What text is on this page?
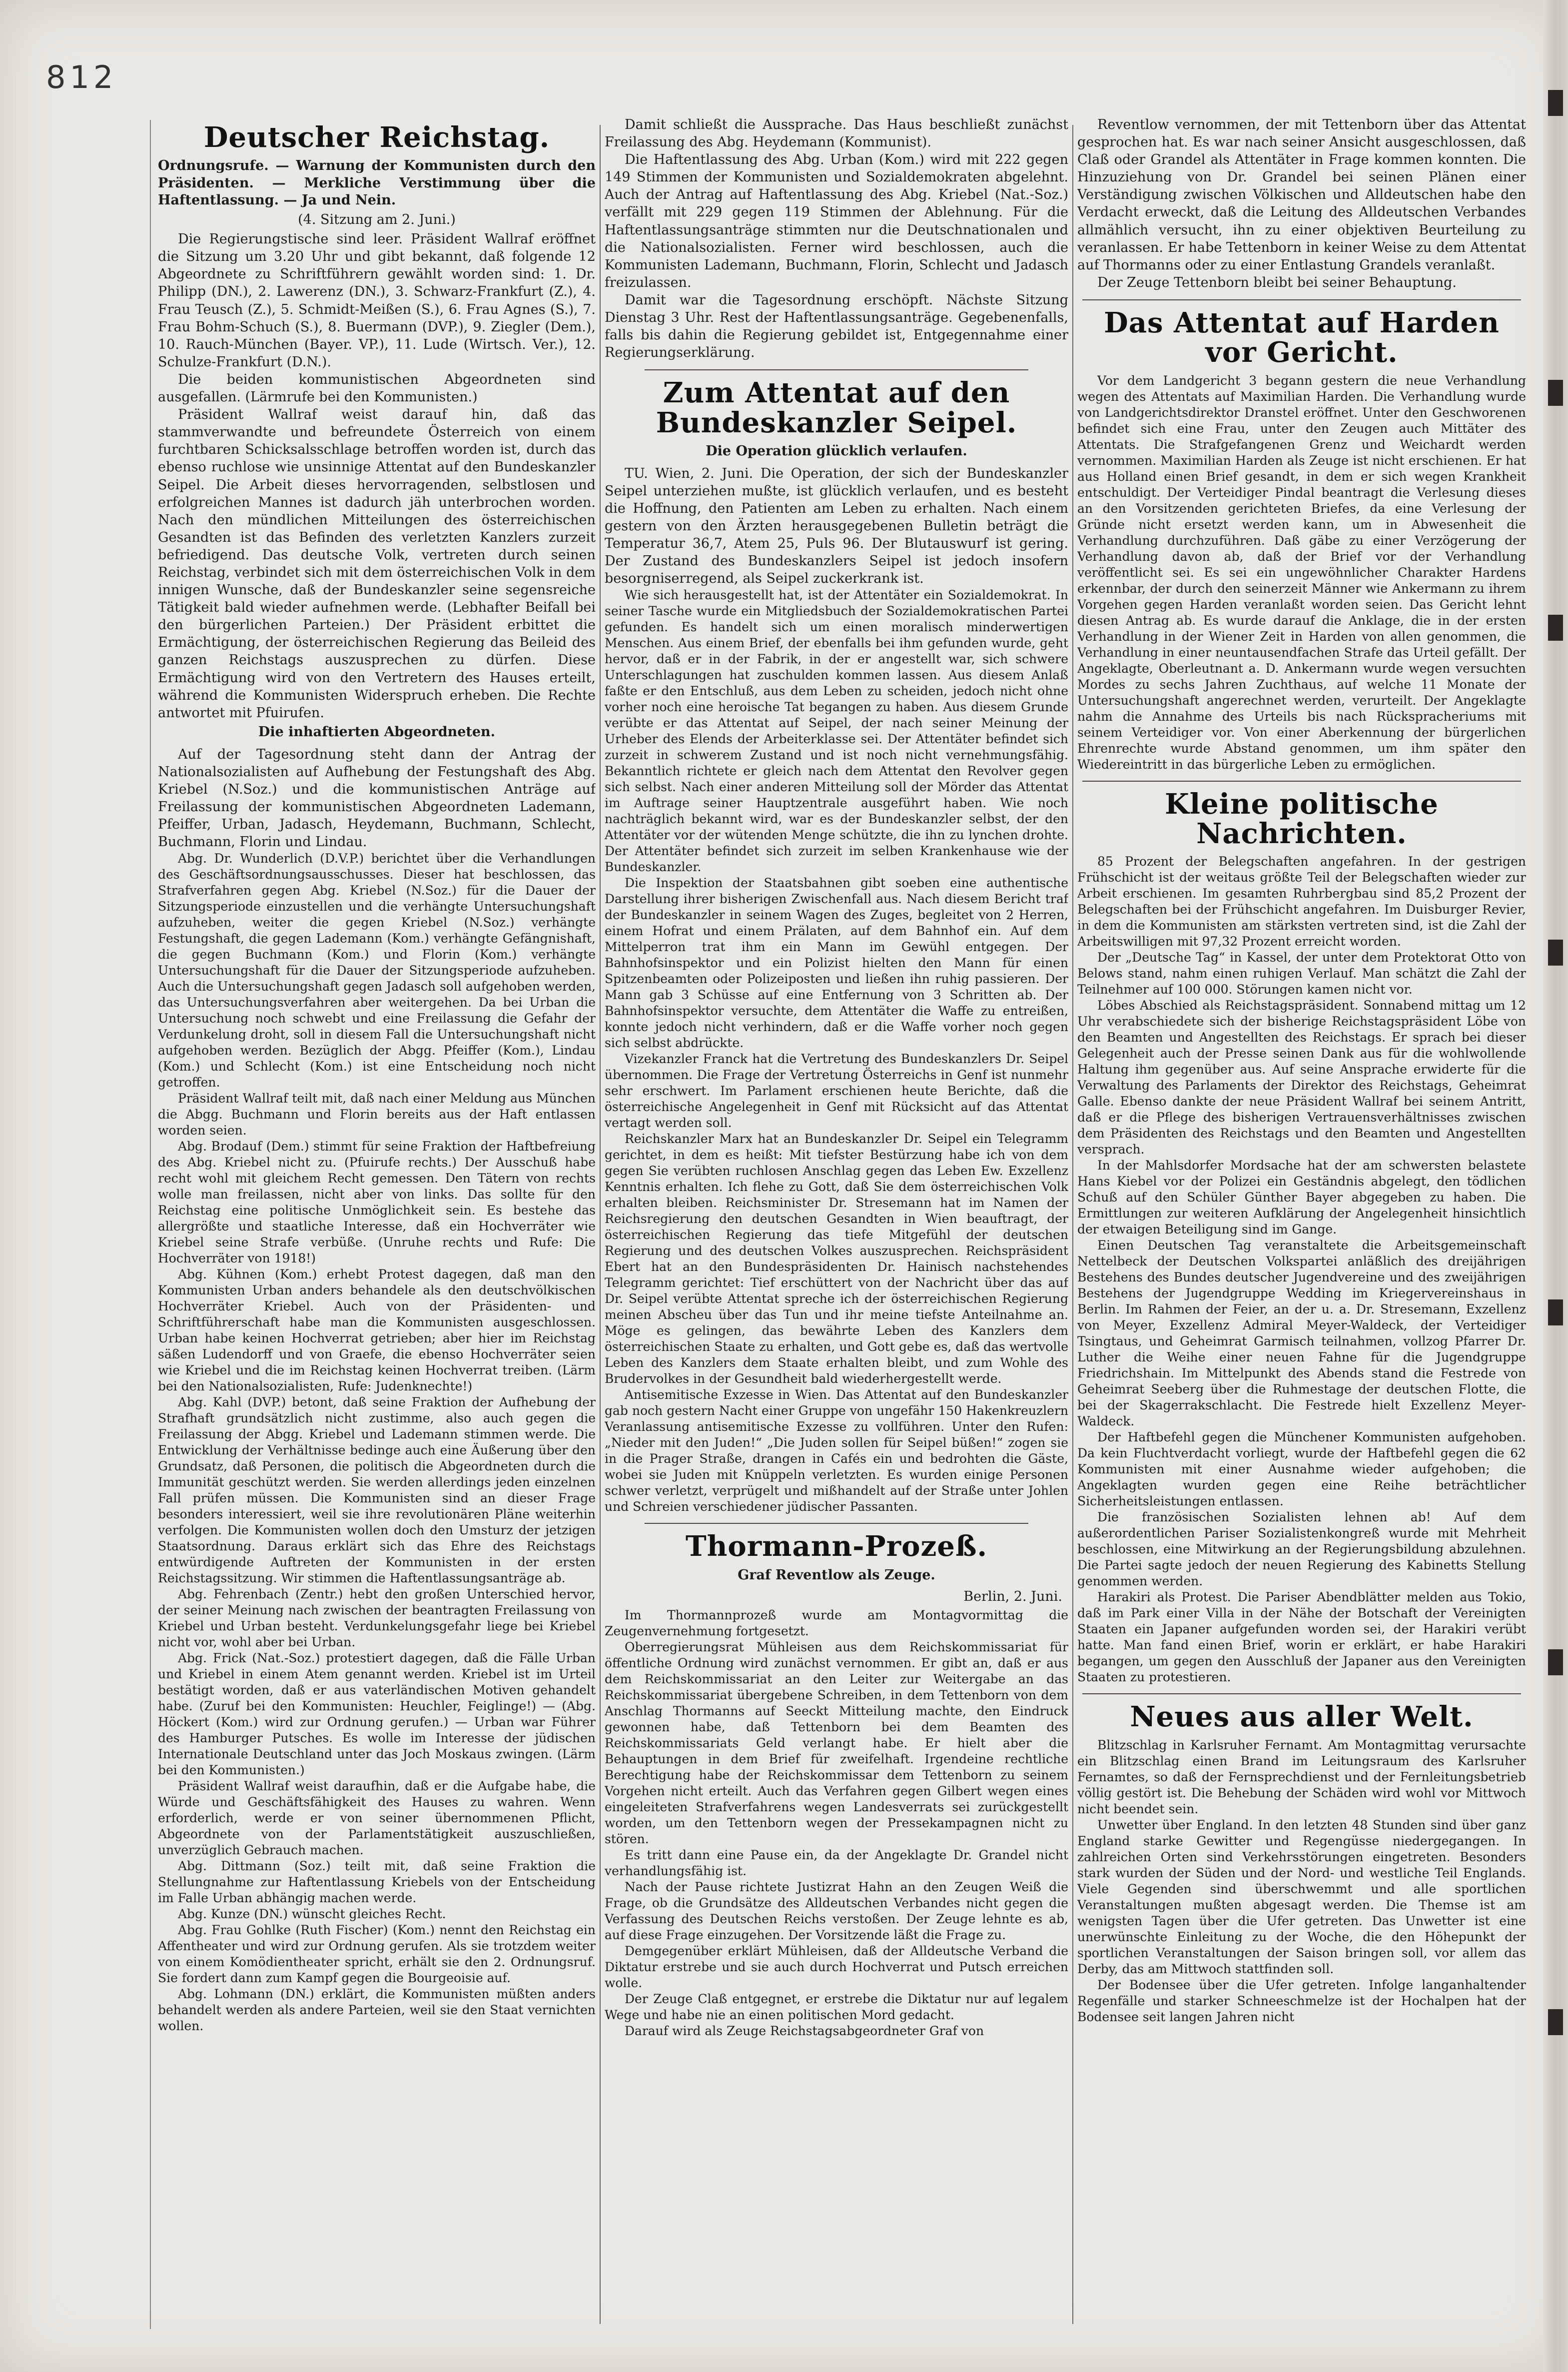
812
Deutscher Reichstag.
Ordnungsrufe. — Warnung der Kommunisten durch den Präsidenten. — Merkliche Verstimmung über die Haftentlassung. — Ja und Nein.
(4. Sitzung am 2. Juni.)

Die Regierungstische sind leer. Präsident Wallraf eröffnet die Sitzung um 3.20 Uhr und gibt bekannt, daß folgende 12 Abgeordnete zu Schriftführern gewählt worden sind: 1. Dr. Philipp (DN.), 2. Lawerenz (DN.), 3. Schwarz-Frankfurt (Z.), 4. Frau Teusch (Z.), 5. Schmidt-Meißen (S.), 6. Frau Agnes (S.), 7. Frau Bohm-Schuch (S.), 8. Buermann (DVP.), 9. Ziegler (Dem.), 10. Rauch-München (Bayer. VP.), 11. Lude (Wirtsch. Ver.), 12. Schulze-Frankfurt (D.N.).

Die beiden kommunistischen Abgeordneten sind ausgefallen. (Lärmrufe bei den Kommunisten.)

Präsident Wallraf weist darauf hin, daß das stammverwandte und befreundete Österreich von einem furchtbaren Schicksalsschlage betroffen worden ist, durch das ebenso ruchlose wie unsinnige Attentat auf den Bundeskanzler Seipel. Die Arbeit dieses hervorragenden, selbstlosen und erfolgreichen Mannes ist dadurch jäh unterbrochen worden. Nach den mündlichen Mitteilungen des österreichischen Gesandten ist das Befinden des verletzten Kanzlers zurzeit befriedigend. Das deutsche Volk, vertreten durch seinen Reichstag, verbindet sich mit dem österreichischen Volk in dem innigen Wunsche, daß der Bundeskanzler seine segensreiche Tätigkeit bald wieder aufnehmen werde. (Lebhafter Beifall bei den bürgerlichen Parteien.) Der Präsident erbittet die Ermächtigung, der österreichischen Regierung das Beileid des ganzen Reichstags auszusprechen zu dürfen. Diese Ermächtigung wird von den Vertretern des Hauses erteilt, während die Kommunisten Widerspruch erheben. Die Rechte antwortet mit Pfuirufen.

Die inhaftierten Abgeordneten.

Auf der Tagesordnung steht dann der Antrag der Nationalsozialisten auf Aufhebung der Festungshaft des Abg. Kriebel (N.Soz.) und die kommunistischen Anträge auf Freilassung der kommunistischen Abgeordneten Lademann, Pfeiffer, Urban, Jadasch, Heydemann, Buchmann, Schlecht, Buchmann, Florin und Lindau.

Abg. Dr. Wunderlich (D.V.P.) berichtet über die Verhandlungen des Geschäftsordnungsausschusses. Dieser hat beschlossen, das Strafverfahren gegen Abg. Kriebel (N.Soz.) für die Dauer der Sitzungsperiode einzustellen und die verhängte Untersuchungshaft aufzuheben, weiter die gegen Kriebel (N.Soz.) verhängte Festungshaft, die gegen Lademann (Kom.) verhängte Gefängnishaft, die gegen Buchmann (Kom.) und Florin (Kom.) verhängte Untersuchungshaft für die Dauer der Sitzungsperiode aufzuheben. Auch die Untersuchungshaft gegen Jadasch soll aufgehoben werden, das Untersuchungsverfahren aber weitergehen. Da bei Urban die Untersuchung noch schwebt und eine Freilassung die Gefahr der Verdunkelung droht, soll in diesem Fall die Untersuchungshaft nicht aufgehoben werden. Bezüglich der Abgg. Pfeiffer (Kom.), Lindau (Kom.) und Schlecht (Kom.) ist eine Entscheidung noch nicht getroffen.

Präsident Wallraf teilt mit, daß nach einer Meldung aus München die Abgg. Buchmann und Florin bereits aus der Haft entlassen worden seien.

Abg. Brodauf (Dem.) stimmt für seine Fraktion der Haftbefreiung des Abg. Kriebel nicht zu. (Pfuirufe rechts.) Der Ausschuß habe recht wohl mit gleichem Recht gemessen. Den Tätern von rechts wolle man freilassen, nicht aber von links. Das sollte für den Reichstag eine politische Unmöglichkeit sein. Es bestehe das allergrößte und staatliche Interesse, daß ein Hochverräter wie Kriebel seine Strafe verbüße. (Unruhe rechts und Rufe: Die Hochverräter von 1918!)

Abg. Kühnen (Kom.) erhebt Protest dagegen, daß man den Kommunisten Urban anders behandele als den deutschvölkischen Hochverräter Kriebel. Auch von der Präsidenten- und Schriftführerschaft habe man die Kommunisten ausgeschlossen. Urban habe keinen Hochverrat getrieben; aber hier im Reichstag säßen Ludendorff und von Graefe, die ebenso Hochverräter seien wie Kriebel und die im Reichstag keinen Hochverrat treiben. (Lärm bei den Nationalsozialisten, Rufe: Judenknechte!)

Abg. Kahl (DVP.) betont, daß seine Fraktion der Aufhebung der Strafhaft grundsätzlich nicht zustimme, also auch gegen die Freilassung der Abgg. Kriebel und Lademann stimmen werde. Die Entwicklung der Verhältnisse bedinge auch eine Äußerung über den Grundsatz, daß Personen, die politisch die Abgeordneten durch die Immunität geschützt werden. Sie werden allerdings jeden einzelnen Fall prüfen müssen. Die Kommunisten sind an dieser Frage besonders interessiert, weil sie ihre revolutionären Pläne weiterhin verfolgen. Die Kommunisten wollen doch den Umsturz der jetzigen Staatsordnung. Daraus erklärt sich das Ehre des Reichstags entwürdigende Auftreten der Kommunisten in der ersten Reichstagssitzung. Wir stimmen die Haftentlassungsanträge ab.

Abg. Fehrenbach (Zentr.) hebt den großen Unterschied hervor, der seiner Meinung nach zwischen der beantragten Freilassung von Kriebel und Urban besteht. Verdunkelungsgefahr liege bei Kriebel nicht vor, wohl aber bei Urban.

Abg. Frick (Nat.-Soz.) protestiert dagegen, daß die Fälle Urban und Kriebel in einem Atem genannt werden. Kriebel ist im Urteil bestätigt worden, daß er aus vaterländischen Motiven gehandelt habe. (Zuruf bei den Kommunisten: Heuchler, Feiglinge!) — (Abg. Höckert (Kom.) wird zur Ordnung gerufen.) — Urban war Führer des Hamburger Putsches. Es wolle im Interesse der jüdischen Internationale Deutschland unter das Joch Moskaus zwingen. (Lärm bei den Kommunisten.)

Präsident Wallraf weist daraufhin, daß er die Aufgabe habe, die Würde und Geschäftsfähigkeit des Hauses zu wahren. Wenn erforderlich, werde er von seiner übernommenen Pflicht, Abgeordnete von der Parlamentstätigkeit auszuschließen, unverzüglich Gebrauch machen.

Abg. Dittmann (Soz.) teilt mit, daß seine Fraktion die Stellungnahme zur Haftentlassung Kriebels von der Entscheidung im Falle Urban abhängig machen werde.

Abg. Kunze (DN.) wünscht gleiches Recht.

Abg. Frau Gohlke (Ruth Fischer) (Kom.) nennt den Reichstag ein Affentheater und wird zur Ordnung gerufen. Als sie trotzdem weiter von einem Komödientheater spricht, erhält sie den 2. Ordnungsruf. Sie fordert dann zum Kampf gegen die Bourgeoisie auf.

Abg. Lohmann (DN.) erklärt, die Kommunisten müßten anders behandelt werden als andere Parteien, weil sie den Staat vernichten wollen.

Damit schließt die Aussprache. Das Haus beschließt zunächst Freilassung des Abg. Heydemann (Kommunist).

Die Haftentlassung des Abg. Urban (Kom.) wird mit 222 gegen 149 Stimmen der Kommunisten und Sozialdemokraten abgelehnt. Auch der Antrag auf Haftentlassung des Abg. Kriebel (Nat.-Soz.) verfällt mit 229 gegen 119 Stimmen der Ablehnung. Für die Haftentlassungsanträge stimmten nur die Deutschnationalen und die Nationalsozialisten. Ferner wird beschlossen, auch die Kommunisten Lademann, Buchmann, Florin, Schlecht und Jadasch freizulassen.

Damit war die Tagesordnung erschöpft. Nächste Sitzung Dienstag 3 Uhr. Rest der Haftentlassungsanträge. Gegebenenfalls, falls bis dahin die Regierung gebildet ist, Entgegennahme einer Regierungserklärung.

Zum Attentat auf den Bundeskanzler Seipel.
Die Operation glücklich verlaufen.

TU. Wien, 2. Juni. Die Operation, der sich der Bundeskanzler Seipel unterziehen mußte, ist glücklich verlaufen, und es besteht die Hoffnung, den Patienten am Leben zu erhalten. Nach einem gestern von den Ärzten herausgegebenen Bulletin beträgt die Temperatur 36,7, Atem 25, Puls 96. Der Blutauswurf ist gering. Der Zustand des Bundeskanzlers Seipel ist jedoch insofern besorgniserregend, als Seipel zuckerkrank ist.

Wie sich herausgestellt hat, ist der Attentäter ein Sozialdemokrat. In seiner Tasche wurde ein Mitgliedsbuch der Sozialdemokratischen Partei gefunden. Es handelt sich um einen moralisch minderwertigen Menschen. Aus einem Brief, der ebenfalls bei ihm gefunden wurde, geht hervor, daß er in der Fabrik, in der er angestellt war, sich schwere Unterschlagungen hat zuschulden kommen lassen. Aus diesem Anlaß faßte er den Entschluß, aus dem Leben zu scheiden, jedoch nicht ohne vorher noch eine heroische Tat begangen zu haben. Aus diesem Grunde verübte er das Attentat auf Seipel, der nach seiner Meinung der Urheber des Elends der Arbeiterklasse sei. Der Attentäter befindet sich zurzeit in schwerem Zustand und ist noch nicht vernehmungsfähig. Bekanntlich richtete er gleich nach dem Attentat den Revolver gegen sich selbst. Nach einer anderen Mitteilung soll der Mörder das Attentat im Auftrage seiner Hauptzentrale ausgeführt haben. Wie noch nachträglich bekannt wird, war es der Bundeskanzler selbst, der den Attentäter vor der wütenden Menge schützte, die ihn zu lynchen drohte. Der Attentäter befindet sich zurzeit im selben Krankenhause wie der Bundeskanzler.

Die Inspektion der Staatsbahnen gibt soeben eine authentische Darstellung ihrer bisherigen Zwischenfall aus. Nach diesem Bericht traf der Bundeskanzler in seinem Wagen des Zuges, begleitet von 2 Herren, einem Hofrat und einem Prälaten, auf dem Bahnhof ein. Auf dem Mittelperron trat ihm ein Mann im Gewühl entgegen. Der Bahnhofsinspektor und ein Polizist hielten den Mann für einen Spitzenbeamten oder Polizeiposten und ließen ihn ruhig passieren. Der Mann gab 3 Schüsse auf eine Entfernung von 3 Schritten ab. Der Bahnhofsinspektor versuchte, dem Attentäter die Waffe zu entreißen, konnte jedoch nicht verhindern, daß er die Waffe vorher noch gegen sich selbst abdrückte.

Vizekanzler Franck hat die Vertretung des Bundeskanzlers Dr. Seipel übernommen. Die Frage der Vertretung Österreichs in Genf ist nunmehr sehr erschwert. Im Parlament erschienen heute Berichte, daß die österreichische Angelegenheit in Genf mit Rücksicht auf das Attentat vertagt werden soll.

Reichskanzler Marx hat an Bundeskanzler Dr. Seipel ein Telegramm gerichtet, in dem es heißt: Mit tiefster Bestürzung habe ich von dem gegen Sie verübten ruchlosen Anschlag gegen das Leben Ew. Exzellenz Kenntnis erhalten. Ich flehe zu Gott, daß Sie dem österreichischen Volk erhalten bleiben. Reichsminister Dr. Stresemann hat im Namen der Reichsregierung den deutschen Gesandten in Wien beauftragt, der österreichischen Regierung das tiefe Mitgefühl der deutschen Regierung und des deutschen Volkes auszusprechen. Reichspräsident Ebert hat an den Bundespräsidenten Dr. Hainisch nachstehendes Telegramm gerichtet: Tief erschüttert von der Nachricht über das auf Dr. Seipel verübte Attentat spreche ich der österreichischen Regierung meinen Abscheu über das Tun und ihr meine tiefste Anteilnahme an. Möge es gelingen, das bewährte Leben des Kanzlers dem österreichischen Staate zu erhalten, und Gott gebe es, daß das wertvolle Leben des Kanzlers dem Staate erhalten bleibt, und zum Wohle des Brudervolkes in der Gesundheit bald wiederhergestellt werde.

Antisemitische Exzesse in Wien. Das Attentat auf den Bundeskanzler gab noch gestern Nacht einer Gruppe von ungefähr 150 Hakenkreuzlern Veranlassung antisemitische Exzesse zu vollführen. Unter den Rufen: „Nieder mit den Juden!“ „Die Juden sollen für Seipel büßen!“ zogen sie in die Prager Straße, drangen in Cafés ein und bedrohten die Gäste, wobei sie Juden mit Knüppeln verletzten. Es wurden einige Personen schwer verletzt, verprügelt und mißhandelt auf der Straße unter Johlen und Schreien verschiedener jüdischer Passanten.

Thormann-Prozeß.
Graf Reventlow als Zeuge.
Berlin, 2. Juni.

Im Thormannprozeß wurde am Montagvormittag die Zeugenvernehmung fortgesetzt.

Oberregierungsrat Mühleisen aus dem Reichskommissariat für öffentliche Ordnung wird zunächst vernommen. Er gibt an, daß er aus dem Reichskommissariat an den Leiter zur Weitergabe an das Reichskommissariat übergebene Schreiben, in dem Tettenborn von dem Anschlag Thormanns auf Seeckt Mitteilung machte, den Eindruck gewonnen habe, daß Tettenborn bei dem Beamten des Reichskommissariats Geld verlangt habe. Er hielt aber die Behauptungen in dem Brief für zweifelhaft. Irgendeine rechtliche Berechtigung habe der Reichskommissar dem Tettenborn zu seinem Vorgehen nicht erteilt. Auch das Verfahren gegen Gilbert wegen eines eingeleiteten Strafverfahrens wegen Landesverrats sei zurückgestellt worden, um den Tettenborn wegen der Pressekampagnen nicht zu stören.

Es tritt dann eine Pause ein, da der Angeklagte Dr. Grandel nicht verhandlungsfähig ist.

Nach der Pause richtete Justizrat Hahn an den Zeugen Weiß die Frage, ob die Grundsätze des Alldeutschen Verbandes nicht gegen die Verfassung des Deutschen Reichs verstoßen. Der Zeuge lehnte es ab, auf diese Frage einzugehen. Der Vorsitzende läßt die Frage zu.

Demgegenüber erklärt Mühleisen, daß der Alldeutsche Verband die Diktatur erstrebe und sie auch durch Hochverrat und Putsch erreichen wolle.

Der Zeuge Claß entgegnet, er erstrebe die Diktatur nur auf legalem Wege und habe nie an einen politischen Mord gedacht.

Darauf wird als Zeuge Reichstagsabgeordneter Graf von

Reventlow vernommen, der mit Tettenborn über das Attentat gesprochen hat. Es war nach seiner Ansicht ausgeschlossen, daß Claß oder Grandel als Attentäter in Frage kommen konnten. Die Hinzuziehung von Dr. Grandel bei seinen Plänen einer Verständigung zwischen Völkischen und Alldeutschen habe den Verdacht erweckt, daß die Leitung des Alldeutschen Verbandes allmählich versucht, ihn zu einer objektiven Beurteilung zu veranlassen. Er habe Tettenborn in keiner Weise zu dem Attentat auf Thormanns oder zu einer Entlastung Grandels veranlaßt.

Der Zeuge Tettenborn bleibt bei seiner Behauptung.

Das Attentat auf Harden vor Gericht.

Vor dem Landgericht 3 begann gestern die neue Verhandlung wegen des Attentats auf Maximilian Harden. Die Verhandlung wurde von Landgerichtsdirektor Dranstel eröffnet. Unter den Geschworenen befindet sich eine Frau, unter den Zeugen auch Mittäter des Attentats. Die Strafgefangenen Grenz und Weichardt werden vernommen. Maximilian Harden als Zeuge ist nicht erschienen. Er hat aus Holland einen Brief gesandt, in dem er sich wegen Krankheit entschuldigt. Der Verteidiger Pindal beantragt die Verlesung dieses an den Vorsitzenden gerichteten Briefes, da eine Verlesung der Gründe nicht ersetzt werden kann, um in Abwesenheit die Verhandlung durchzuführen. Daß gäbe zu einer Verzögerung der Verhandlung davon ab, daß der Brief vor der Verhandlung veröffentlicht sei. Es sei ein ungewöhnlicher Charakter Hardens erkennbar, der durch den seinerzeit Männer wie Ankermann zu ihrem Vorgehen gegen Harden veranlaßt worden seien. Das Gericht lehnt diesen Antrag ab. Es wurde darauf die Anklage, die in der ersten Verhandlung in der Wiener Zeit in Harden von allen genommen, die Verhandlung in einer neuntausendfachen Strafe das Urteil gefällt. Der Angeklagte, Oberleutnant a. D. Ankermann wurde wegen versuchten Mordes zu sechs Jahren Zuchthaus, auf welche 11 Monate der Untersuchungshaft angerechnet werden, verurteilt. Der Angeklagte nahm die Annahme des Urteils bis nach Rückspracheriums mit seinem Verteidiger vor. Von einer Aberkennung der bürgerlichen Ehrenrechte wurde Abstand genommen, um ihm später den Wiedereintritt in das bürgerliche Leben zu ermöglichen.

Kleine politische Nachrichten.

85 Prozent der Belegschaften angefahren. In der gestrigen Frühschicht ist der weitaus größte Teil der Belegschaften wieder zur Arbeit erschienen. Im gesamten Ruhrbergbau sind 85,2 Prozent der Belegschaften bei der Frühschicht angefahren. Im Duisburger Revier, in dem die Kommunisten am stärksten vertreten sind, ist die Zahl der Arbeitswilligen mit 97,32 Prozent erreicht worden.

Der „Deutsche Tag“ in Kassel, der unter dem Protektorat Otto von Belows stand, nahm einen ruhigen Verlauf. Man schätzt die Zahl der Teilnehmer auf 100 000. Störungen kamen nicht vor.

Löbes Abschied als Reichstagspräsident. Sonnabend mittag um 12 Uhr verabschiedete sich der bisherige Reichstagspräsident Löbe von den Beamten und Angestellten des Reichstags. Er sprach bei dieser Gelegenheit auch der Presse seinen Dank aus für die wohlwollende Haltung ihm gegenüber aus. Auf seine Ansprache erwiderte für die Verwaltung des Parlaments der Direktor des Reichstags, Geheimrat Galle. Ebenso dankte der neue Präsident Wallraf bei seinem Antritt, daß er die Pflege des bisherigen Vertrauensverhältnisses zwischen dem Präsidenten des Reichstags und den Beamten und Angestellten versprach.

In der Mahlsdorfer Mordsache hat der am schwersten belastete Hans Kiebel vor der Polizei ein Geständnis abgelegt, den tödlichen Schuß auf den Schüler Günther Bayer abgegeben zu haben. Die Ermittlungen zur weiteren Aufklärung der Angelegenheit hinsichtlich der etwaigen Beteiligung sind im Gange.

Einen Deutschen Tag veranstaltete die Arbeitsgemeinschaft Nettelbeck der Deutschen Volkspartei anläßlich des dreijährigen Bestehens des Bundes deutscher Jugendvereine und des zweijährigen Bestehens der Jugendgruppe Wedding im Kriegervereinshaus in Berlin. Im Rahmen der Feier, an der u. a. Dr. Stresemann, Exzellenz von Meyer, Exzellenz Admiral Meyer-Waldeck, der Verteidiger Tsingtaus, und Geheimrat Garmisch teilnahmen, vollzog Pfarrer Dr. Luther die Weihe einer neuen Fahne für die Jugendgruppe Friedrichshain. Im Mittelpunkt des Abends stand die Festrede von Geheimrat Seeberg über die Ruhmestage der deutschen Flotte, die bei der Skagerrakschlacht. Die Festrede hielt Exzellenz Meyer-Waldeck.

Der Haftbefehl gegen die Münchener Kommunisten aufgehoben. Da kein Fluchtverdacht vorliegt, wurde der Haftbefehl gegen die 62 Kommunisten mit einer Ausnahme wieder aufgehoben; die Angeklagten wurden gegen eine Reihe beträchtlicher Sicherheitsleistungen entlassen.

Die französischen Sozialisten lehnen ab! Auf dem außerordentlichen Pariser Sozialistenkongreß wurde mit Mehrheit beschlossen, eine Mitwirkung an der Regierungsbildung abzulehnen. Die Partei sagte jedoch der neuen Regierung des Kabinetts Stellung genommen werden.

Harakiri als Protest. Die Pariser Abendblätter melden aus Tokio, daß im Park einer Villa in der Nähe der Botschaft der Vereinigten Staaten ein Japaner aufgefunden worden sei, der Harakiri verübt hatte. Man fand einen Brief, worin er erklärt, er habe Harakiri begangen, um gegen den Ausschluß der Japaner aus den Vereinigten Staaten zu protestieren.

Neues aus aller Welt.

Blitzschlag in Karlsruher Fernamt. Am Montagmittag verursachte ein Blitzschlag einen Brand im Leitungsraum des Karlsruher Fernamtes, so daß der Fernsprechdienst und der Fernleitungsbetrieb völlig gestört ist. Die Behebung der Schäden wird wohl vor Mittwoch nicht beendet sein.

Unwetter über England. In den letzten 48 Stunden sind über ganz England starke Gewitter und Regengüsse niedergegangen. In zahlreichen Orten sind Verkehrsstörungen eingetreten. Besonders stark wurden der Süden und der Nord- und westliche Teil Englands. Viele Gegenden sind überschwemmt und alle sportlichen Veranstaltungen mußten abgesagt werden. Die Themse ist am wenigsten Tagen über die Ufer getreten. Das Unwetter ist eine unerwünschte Einleitung zu der Woche, die den Höhepunkt der sportlichen Veranstaltungen der Saison bringen soll, vor allem das Derby, das am Mittwoch stattfinden soll.

Der Bodensee über die Ufer getreten. Infolge langanhaltender Regenfälle und starker Schneeschmelze ist der Hochalpen hat der Bodensee seit langen Jahren nicht
